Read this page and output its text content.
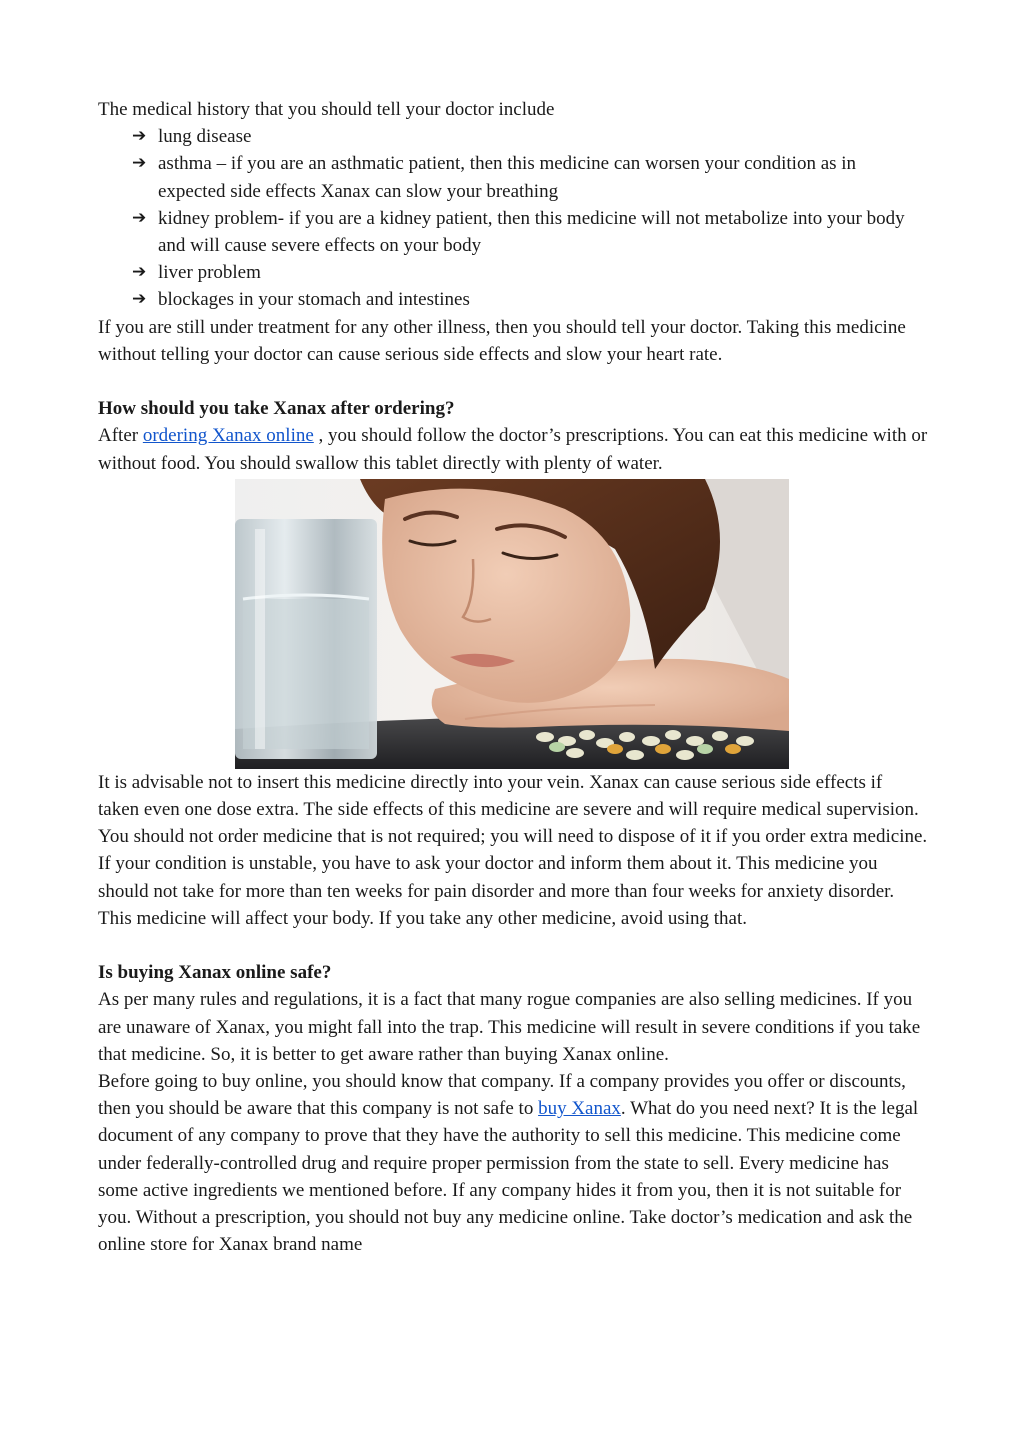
The medical history that you should tell your doctor include

➔ lung disease
➔ asthma – if you are an asthmatic patient, then this medicine can worsen your condition as in expected side effects Xanax can slow your breathing
➔ kidney problem- if you are a kidney patient, then this medicine will not metabolize into your body and will cause severe effects on your body
➔ liver problem
➔ blockages in your stomach and intestines

If you are still under treatment for any other illness, then you should tell your doctor. Taking this medicine without telling your doctor can cause serious side effects and slow your heart rate.

How should you take Xanax after ordering?

After ordering Xanax online , you should follow the doctor’s prescriptions. You can eat this medicine with or without food. You should swallow this tablet directly with plenty of water.

It is advisable not to insert this medicine directly into your vein. Xanax can cause serious side effects if taken even one dose extra. The side effects of this medicine are severe and will require medical supervision. You should not order medicine that is not required; you will need to dispose of it if you order extra medicine.

If your condition is unstable, you have to ask your doctor and inform them about it. This medicine you should not take for more than ten weeks for pain disorder and more than four weeks for anxiety disorder. This medicine will affect your body. If you take any other medicine, avoid using that.

Is buying Xanax online safe?

As per many rules and regulations, it is a fact that many rogue companies are also selling medicines. If you are unaware of Xanax, you might fall into the trap. This medicine will result in severe conditions if you take that medicine. So, it is better to get aware rather than buying Xanax online.

Before going to buy online, you should know that company. If a company provides you offer or discounts, then you should be aware that this company is not safe to buy Xanax. What do you need next? It is the legal document of any company to prove that they have the authority to sell this medicine. This medicine come under federally-controlled drug and require proper permission from the state to sell. Every medicine has some active ingredients we mentioned before. If any company hides it from you, then it is not suitable for you. Without a prescription, you should not buy any medicine online. Take doctor’s medication and ask the online store for Xanax brand name
